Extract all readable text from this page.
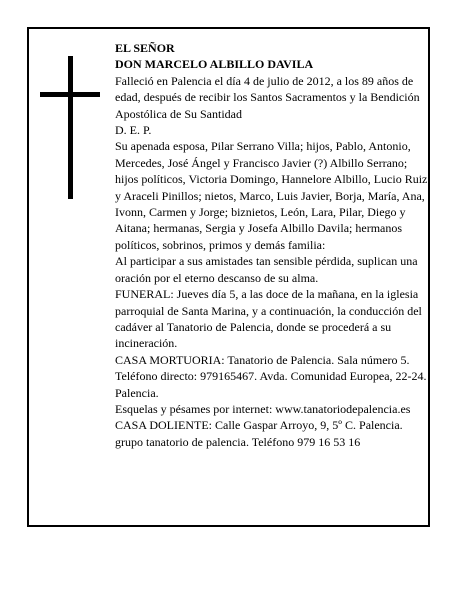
EL SEÑOR

DON MARCELO ALBILLO DAVILA

Falleció en Palencia el día 4 de julio de 2012, a los 89 años de edad, después de recibir los Santos Sacramentos y la Bendición Apostólica de Su Santidad

D. E. P.

Su apenada esposa, Pilar Serrano Villa; hijos, Pablo, Antonio, Mercedes, José Ángel y Francisco Javier (?) Albillo Serrano; hijos políticos, Victoria Domingo, Hannelore Albillo, Lucio Ruiz y Araceli Pinillos; nietos, Marco, Luis Javier, Borja, María, Ana, Ivonn, Carmen y Jorge; biznietos, León, Lara, Pilar, Diego y Aitana; hermanas, Sergia y Josefa Albillo Davila; hermanos políticos, sobrinos, primos y demás familia:

Al participar a sus amistades tan sensible pérdida, suplican una oración por el eterno descanso de su alma.

FUNERAL: Jueves día 5, a las doce de la mañana, en la iglesia parroquial de Santa Marina, y a continuación, la conducción del cadáver al Tanatorio de Palencia, donde se procederá a su incineración.

CASA MORTUORIA: Tanatorio de Palencia. Sala número 5. Teléfono directo: 979165467. Avda. Comunidad Europea, 22-24. Palencia.

Esquelas y pésames por internet: www.tanatoriodepalencia.es

CASA DOLIENTE: Calle Gaspar Arroyo, 9, 5º C. Palencia.

grupo tanatorio de palencia. Teléfono 979 16 53 16
